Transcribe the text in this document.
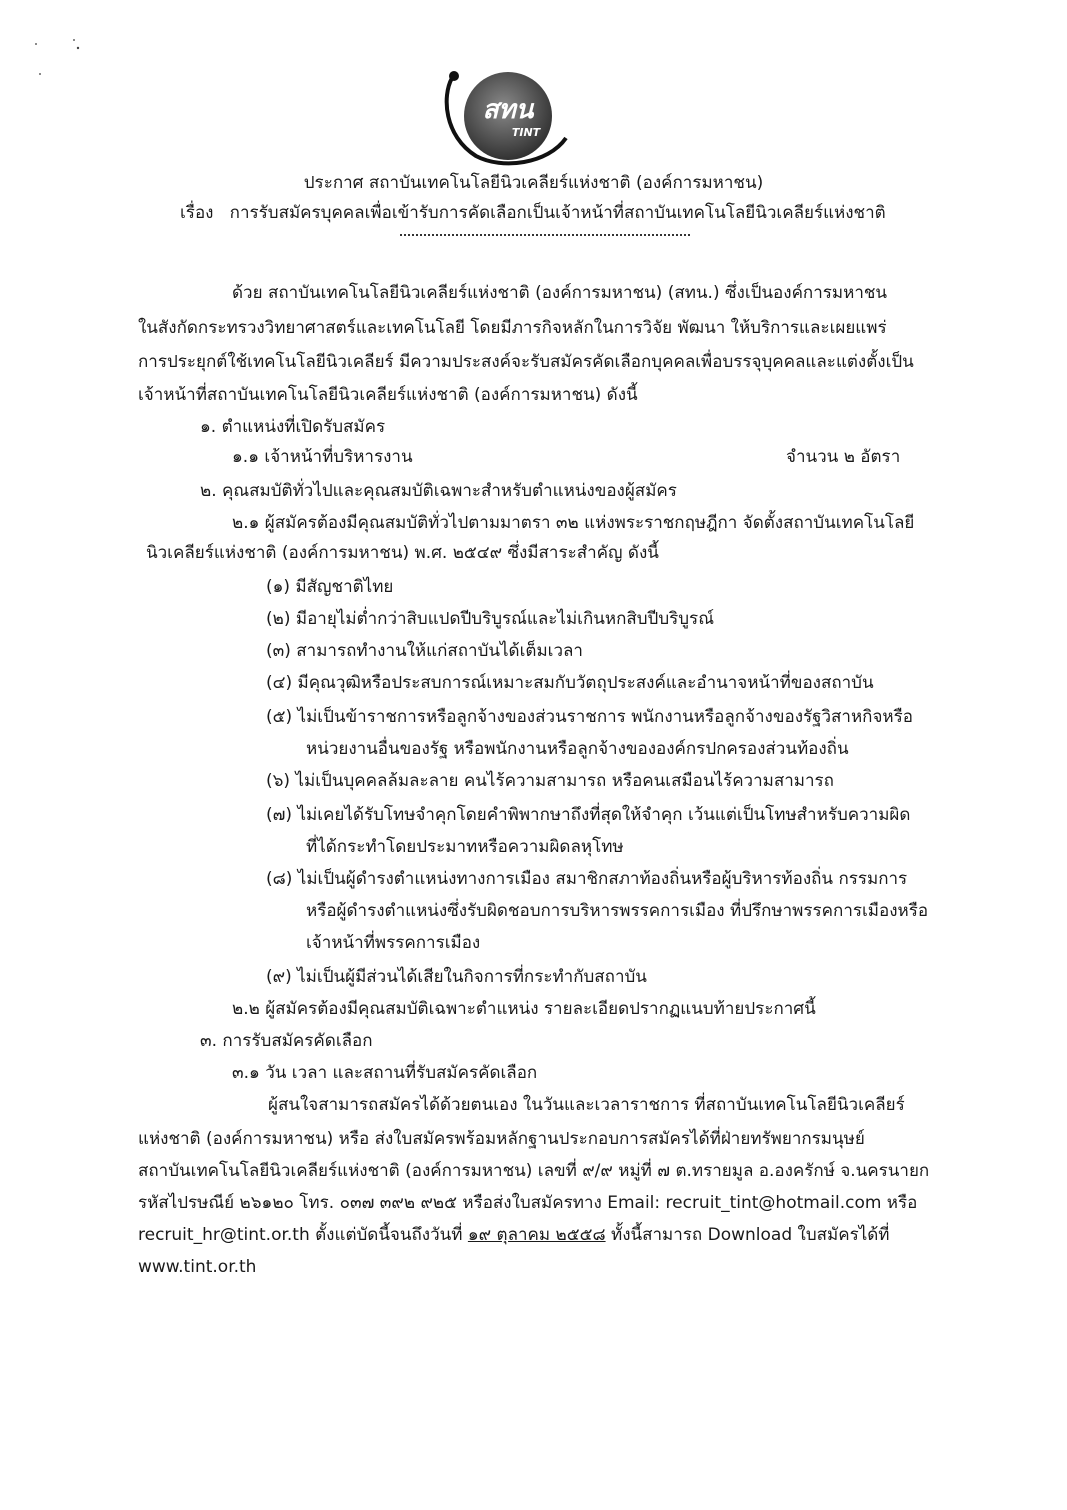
สทน
TINT
ประกาศ สถาบันเทคโนโลยีนิวเคลียร์แห่งชาติ (องค์การมหาชน)
เรื่อง การรับสมัครบุคคลเพื่อเข้ารับการคัดเลือกเป็นเจ้าหน้าที่สถาบันเทคโนโลยีนิวเคลียร์แห่งชาติ
ด้วย สถาบันเทคโนโลยีนิวเคลียร์แห่งชาติ (องค์การมหาชน) (สทน.) ซึ่งเป็นองค์การมหาชน
ในสังกัดกระทรวงวิทยาศาสตร์และเทคโนโลยี โดยมีภารกิจหลักในการวิจัย พัฒนา ให้บริการและเผยแพร่
การประยุกต์ใช้เทคโนโลยีนิวเคลียร์ มีความประสงค์จะรับสมัครคัดเลือกบุคคลเพื่อบรรจุบุคคลและแต่งตั้งเป็น
เจ้าหน้าที่สถาบันเทคโนโลยีนิวเคลียร์แห่งชาติ (องค์การมหาชน) ดังนี้
๑. ตำแหน่งที่เปิดรับสมัคร
๑.๑ เจ้าหน้าที่บริหารงาน	จำนวน ๒ อัตรา
๒. คุณสมบัติทั่วไปและคุณสมบัติเฉพาะสำหรับตำแหน่งของผู้สมัคร
๒.๑ ผู้สมัครต้องมีคุณสมบัติทั่วไปตามมาตรา ๓๒ แห่งพระราชกฤษฎีกา จัดตั้งสถาบันเทคโนโลยี
นิวเคลียร์แห่งชาติ (องค์การมหาชน) พ.ศ. ๒๕๔๙ ซึ่งมีสาระสำคัญ ดังนี้
(๑) มีสัญชาติไทย
(๒) มีอายุไม่ต่ำกว่าสิบแปดปีบริบูรณ์และไม่เกินหกสิบปีบริบูรณ์
(๓) สามารถทำงานให้แก่สถาบันได้เต็มเวลา
(๔) มีคุณวุฒิหรือประสบการณ์เหมาะสมกับวัตถุประสงค์และอำนาจหน้าที่ของสถาบัน
(๕) ไม่เป็นข้าราชการหรือลูกจ้างของส่วนราชการ พนักงานหรือลูกจ้างของรัฐวิสาหกิจหรือ
หน่วยงานอื่นของรัฐ หรือพนักงานหรือลูกจ้างขององค์กรปกครองส่วนท้องถิ่น
(๖) ไม่เป็นบุคคลล้มละลาย คนไร้ความสามารถ หรือคนเสมือนไร้ความสามารถ
(๗) ไม่เคยได้รับโทษจำคุกโดยคำพิพากษาถึงที่สุดให้จำคุก เว้นแต่เป็นโทษสำหรับความผิด
ที่ได้กระทำโดยประมาทหรือความผิดลหุโทษ
(๘) ไม่เป็นผู้ดำรงตำแหน่งทางการเมือง สมาชิกสภาท้องถิ่นหรือผู้บริหารท้องถิ่น กรรมการ
หรือผู้ดำรงตำแหน่งซึ่งรับผิดชอบการบริหารพรรคการเมือง ที่ปรึกษาพรรคการเมืองหรือ
เจ้าหน้าที่พรรคการเมือง
(๙) ไม่เป็นผู้มีส่วนได้เสียในกิจการที่กระทำกับสถาบัน
๒.๒ ผู้สมัครต้องมีคุณสมบัติเฉพาะตำแหน่ง รายละเอียดปรากฏแนบท้ายประกาศนี้
๓. การรับสมัครคัดเลือก
๓.๑ วัน เวลา และสถานที่รับสมัครคัดเลือก
ผู้สนใจสามารถสมัครได้ด้วยตนเอง ในวันและเวลาราชการ ที่สถาบันเทคโนโลยีนิวเคลียร์
แห่งชาติ (องค์การมหาชน) หรือ ส่งใบสมัครพร้อมหลักฐานประกอบการสมัครได้ที่ฝ่ายทรัพยากรมนุษย์
สถาบันเทคโนโลยีนิวเคลียร์แห่งชาติ (องค์การมหาชน) เลขที่ ๙/๙ หมู่ที่ ๗ ต.ทรายมูล อ.องครักษ์ จ.นครนายก
รหัสไปรษณีย์ ๒๖๑๒๐ โทร. ๐๓๗ ๓๙๒ ๙๒๕ หรือส่งใบสมัครทาง Email: recruit_tint@hotmail.com หรือ
recruit_hr@tint.or.th ตั้งแต่บัดนี้จนถึงวันที่ ๑๙ ตุลาคม ๒๕๕๘ ทั้งนี้สามารถ Download ใบสมัครได้ที่
www.tint.or.th
